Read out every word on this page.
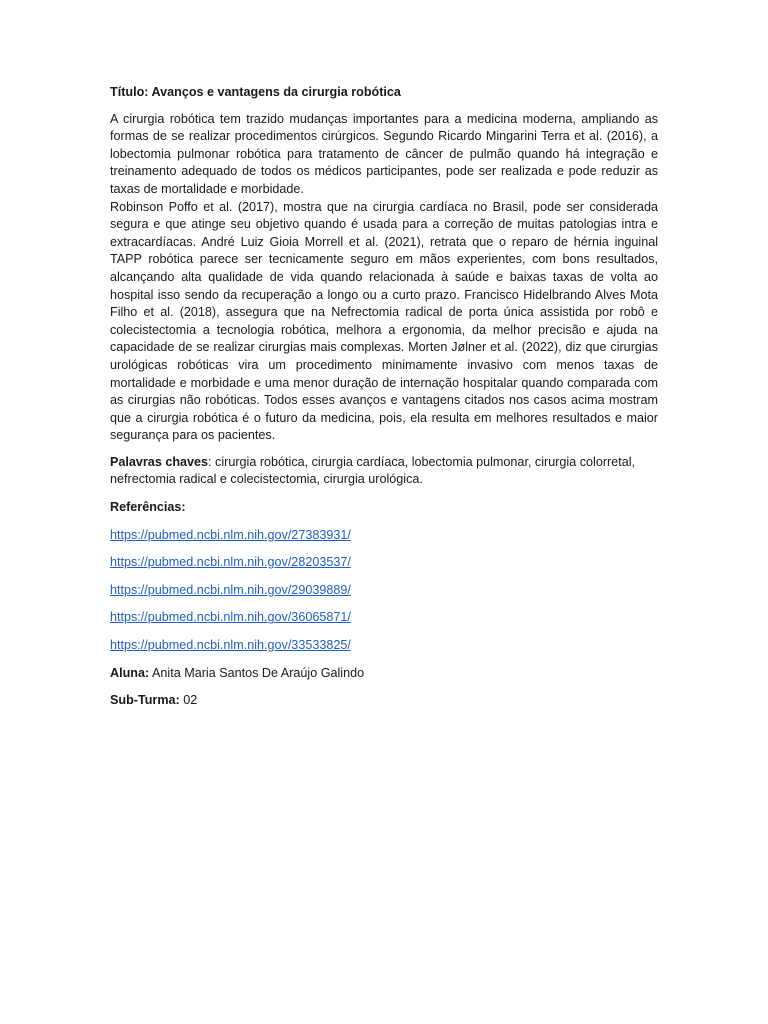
Título: Avanços e vantagens da cirurgia robótica

A cirurgia robótica tem trazido mudanças importantes para a medicina moderna, ampliando as formas de se realizar procedimentos cirúrgicos. Segundo Ricardo Mingarini Terra et al. (2016), a lobectomia pulmonar robótica para tratamento de câncer de pulmão quando há integração e treinamento adequado de todos os médicos participantes, pode ser realizada e pode reduzir as taxas de mortalidade e morbidade.

Robinson Poffo et al. (2017), mostra que na cirurgia cardíaca no Brasil, pode ser considerada segura e que atinge seu objetivo quando é usada para a correção de muitas patologias intra e extracardíacas. André Luiz Gioia Morrell et al. (2021), retrata que o reparo de hérnia inguinal TAPP robótica parece ser tecnicamente seguro em mãos experientes, com bons resultados, alcançando alta qualidade de vida quando relacionada à saúde e baixas taxas de volta ao hospital isso sendo da recuperação a longo ou a curto prazo. Francisco Hidelbrando Alves Mota Filho et al. (2018), assegura que na Nefrectomia radical de porta única assistida por robô e colecistectomia a tecnologia robótica, melhora a ergonomia, da melhor precisão e ajuda na capacidade de se realizar cirurgias mais complexas. Morten Jølner et al. (2022), diz que cirurgias urológicas robóticas vira um procedimento minimamente invasivo com menos taxas de mortalidade e morbidade e uma menor duração de internação hospitalar quando comparada com as cirurgias não robóticas. Todos esses avanços e vantagens citados nos casos acima mostram que a cirurgia robótica é o futuro da medicina, pois, ela resulta em melhores resultados e maior segurança para os pacientes.

Palavras chaves: cirurgia robótica, cirurgia cardíaca, lobectomia pulmonar, cirurgia colorretal, nefrectomia radical e colecistectomia, cirurgia urológica.

Referências:

https://pubmed.ncbi.nlm.nih.gov/27383931/
https://pubmed.ncbi.nlm.nih.gov/28203537/
https://pubmed.ncbi.nlm.nih.gov/29039889/
https://pubmed.ncbi.nlm.nih.gov/36065871/
https://pubmed.ncbi.nlm.nih.gov/33533825/

Aluna: Anita Maria Santos De Araújo Galindo

Sub-Turma: 02
